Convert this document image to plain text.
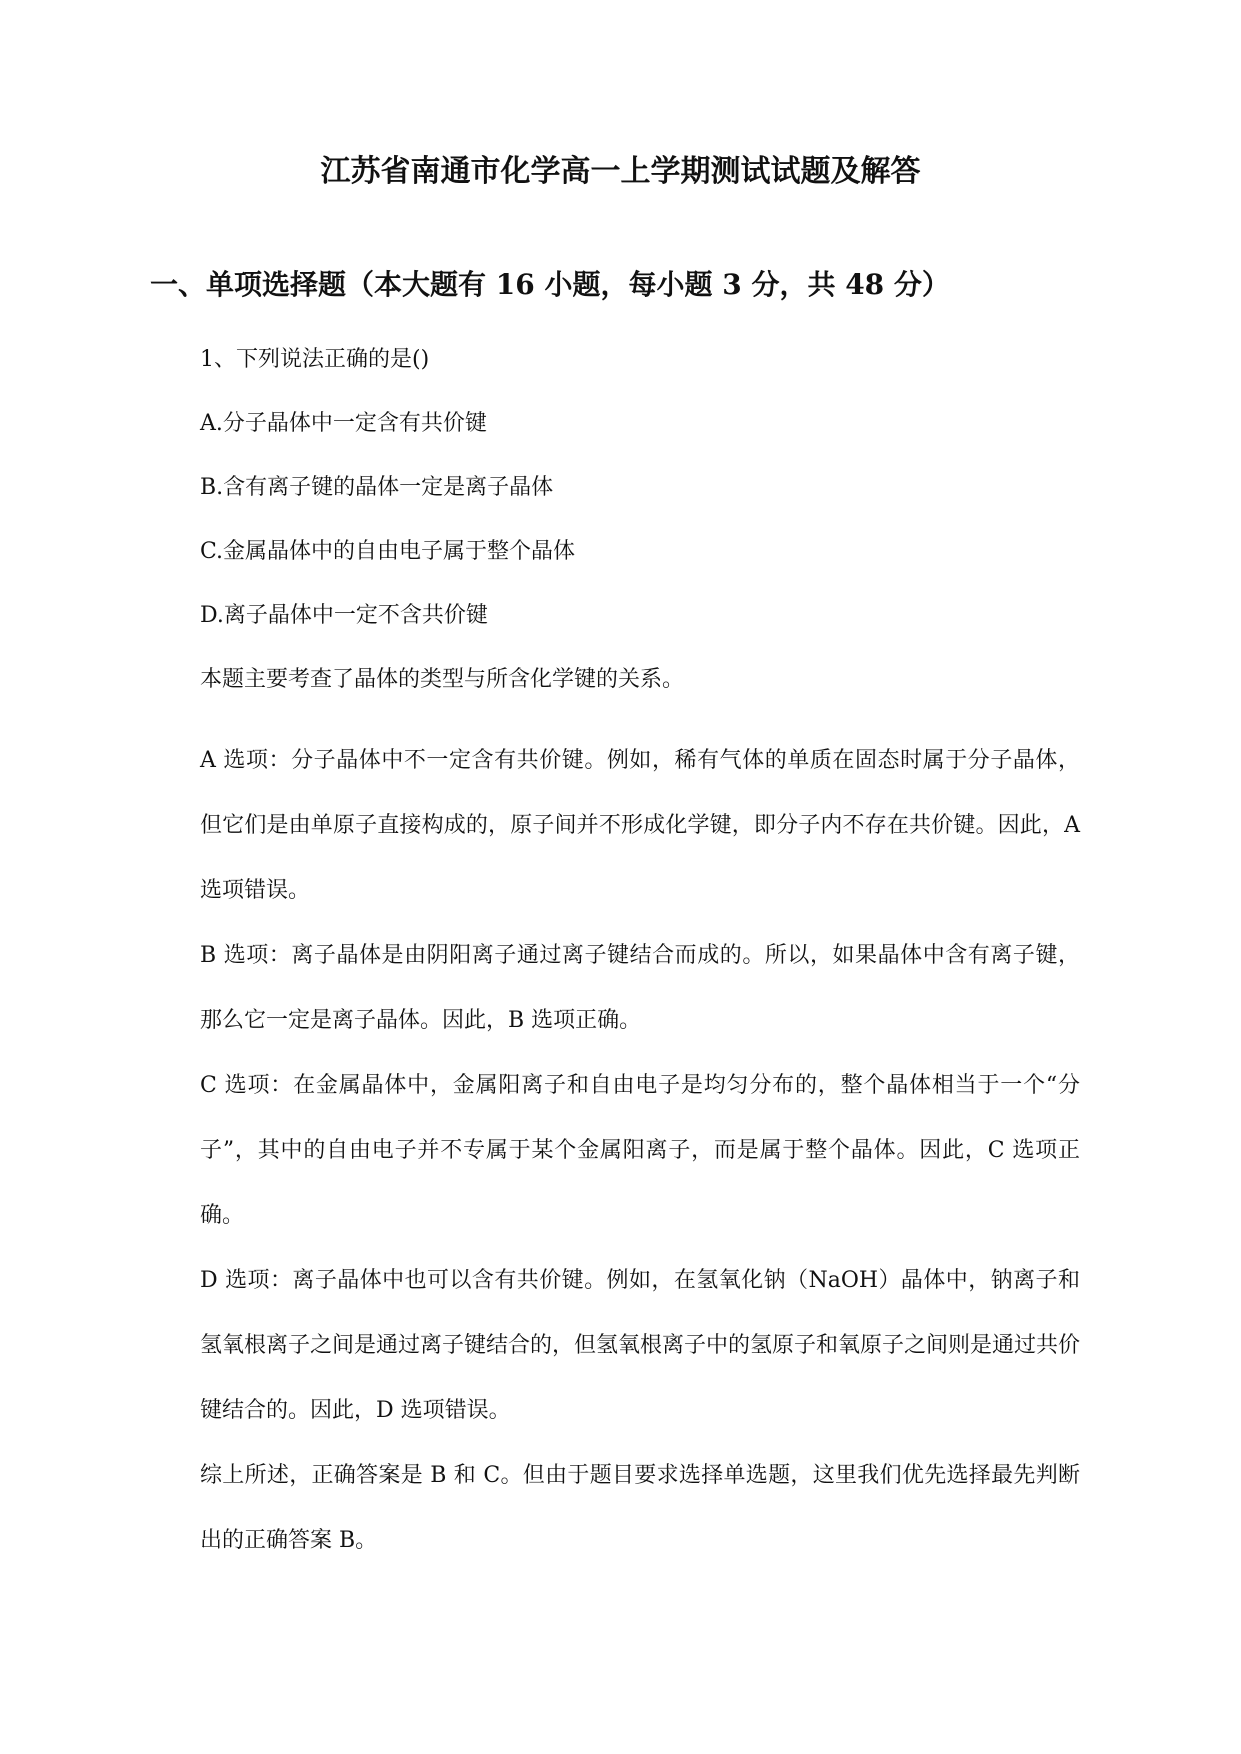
江苏省南通市化学高一上学期测试试题及解答
一、单项选择题（本大题有 16 小题，每小题 3 分，共 48 分）

1、下列说法正确的是()

A.分子晶体中一定含有共价键

B.含有离子键的晶体一定是离子晶体

C.金属晶体中的自由电子属于整个晶体

D.离子晶体中一定不含共价键

本题主要考查了晶体的类型与所含化学键的关系。

A 选项：分子晶体中不一定含有共价键。例如，稀有气体的单质在固态时属于分子晶体，但它们是由单原子直接构成的，原子间并不形成化学键，即分子内不存在共价键。因此，A 选项错误。

B 选项：离子晶体是由阴阳离子通过离子键结合而成的。所以，如果晶体中含有离子键，那么它一定是离子晶体。因此，B 选项正确。

C 选项：在金属晶体中，金属阳离子和自由电子是均匀分布的，整个晶体相当于一个“分子”，其中的自由电子并不专属于某个金属阳离子，而是属于整个晶体。因此，C 选项正确。

D 选项：离子晶体中也可以含有共价键。例如，在氢氧化钠（NaOH）晶体中，钠离子和氢氧根离子之间是通过离子键结合的，但氢氧根离子中的氢原子和氧原子之间则是通过共价键结合的。因此，D 选项错误。

综上所述，正确答案是 B 和 C。但由于题目要求选择单选题，这里我们优先选择最先判断出的正确答案 B。
